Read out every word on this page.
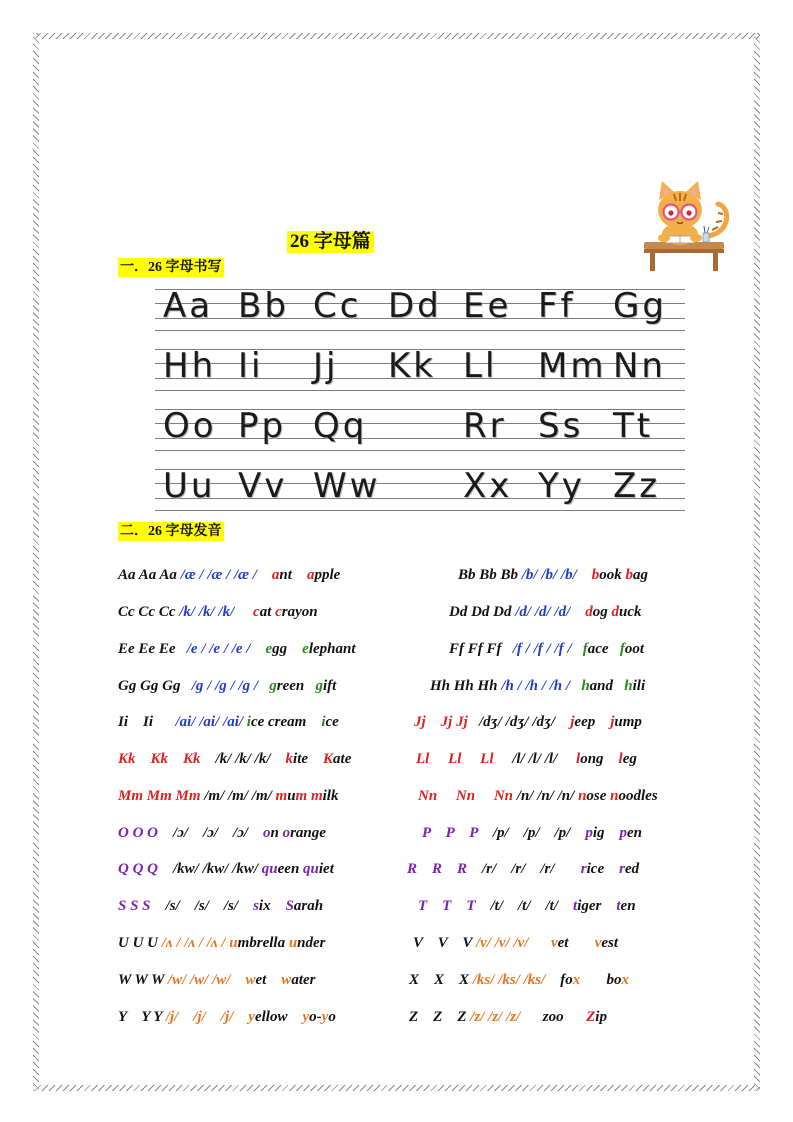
26 字母篇
一．26 字母书写
Aa Bb Cc Dd Ee Ff	Gg
Hh Ii	Jj	Kk Ll	Mm Nn
Oo Pp Qq	Rr Ss Tt
Uu Vv Ww Xx Yy Zz
二．26 字母发音
Aa Aa Aa /æ / /æ / /æ /    ant    apple	Bb Bb Bb /b/ /b/ /b/    book bag
Cc Cc Cc /k/ /k/ /k/     cat crayon	Dd Dd Dd /d/ /d/ /d/    dog duck
Ee Ee Ee   /e / /e / /e /    egg    elephant	Ff Ff Ff   /f / /f / /f /   face   foot
Gg Gg Gg   /g / /g / /g /   green   gift	Hh Hh Hh /h / /h / /h /   hand   hili
Ii    Ii      /ai/ /ai/ /ai/ ice cream    ice	Jj    Jj Jj   /dʒ/ /dʒ/ /dʒ/    jeep    jump
Kk    Kk    Kk    /k/ /k/ /k/    kite    Kate	Ll     Ll     Ll     /l/ /l/ /l/     long    leg
Mm Mm Mm /m/ /m/ /m/ mum milk	Nn     Nn     Nn /n/ /n/ /n/ nose noodles
O O O    /ɔ/    /ɔ/    /ɔ/    on orange	P    P    P    /p/    /p/    /p/    pig    pen
Q Q Q    /kw/ /kw/ /kw/ queen quiet	R    R    R    /r/    /r/    /r/       rice    red
S S S    /s/    /s/    /s/    six    Sarah	T    T    T    /t/    /t/    /t/    tiger    ten
U U U /ʌ / /ʌ / /ʌ / umbrella under	V    V    V /v/ /v/ /v/      vet       vest
W W W /w/ /w/ /w/    wet    water	X    X    X /ks/ /ks/ /ks/    fox       box
Y    Y Y /j/    /j/    /j/    yellow    yo-yo	Z    Z    Z /z/ /z/ /z/      zoo      Zip
